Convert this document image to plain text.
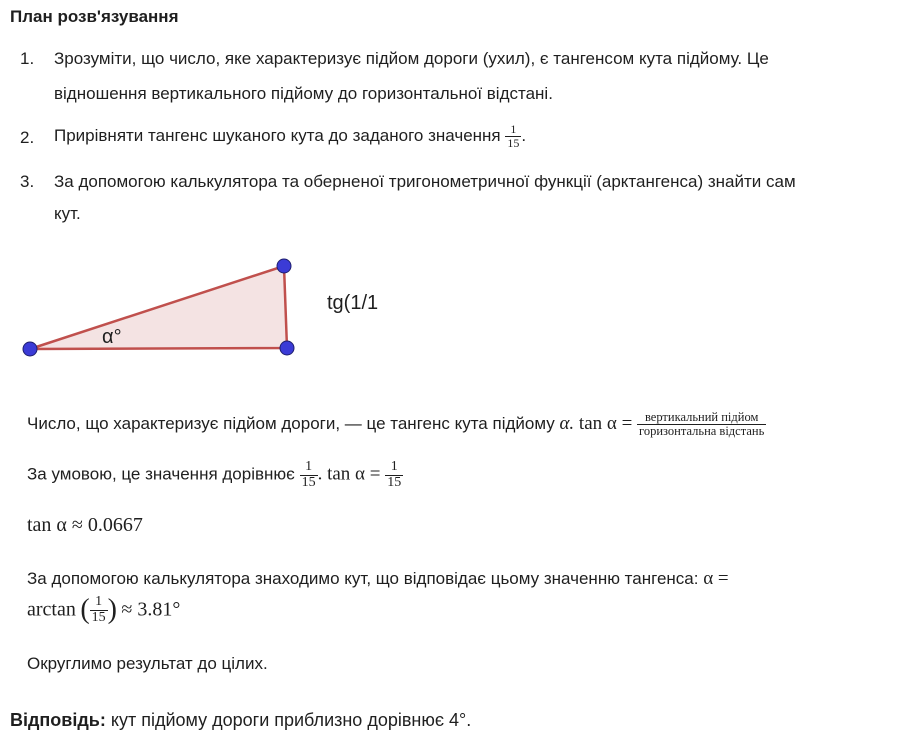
План розв'язування
1. Зрозуміти, що число, яке характеризує підйом дороги (ухил), є тангенсом кута підйому. Це
відношення вертикального підйому до горизонтальної відстані.
2. Прирівняти тангенс шуканого кута до заданого значення $\frac{1}{15}$ .
3. За допомогою калькулятора та оберненої тригонометричної функції (арктангенса) знайти сам
кут.
α°
tg(1/1
Число, що характеризує підйом дороги, — це тангенс кута підйому α. $\tan \alpha = \frac{\text{вертикальний підйом}}{\text{горизонтальна відстань}}$
За умовою, це значення дорівнює $\frac{1}{15}$ . $\tan \alpha = \frac{1}{15}$
tan α ≈ 0.0667
За допомогою калькулятора знаходимо кут, що відповідає цьому значенню тангенса: α =
arctan ( $\frac{1}{15}$ ) ≈ 3.81°
Округлимо результат до цілих.
Відповідь: кут підйому дороги приблизно дорівнює 4°.
